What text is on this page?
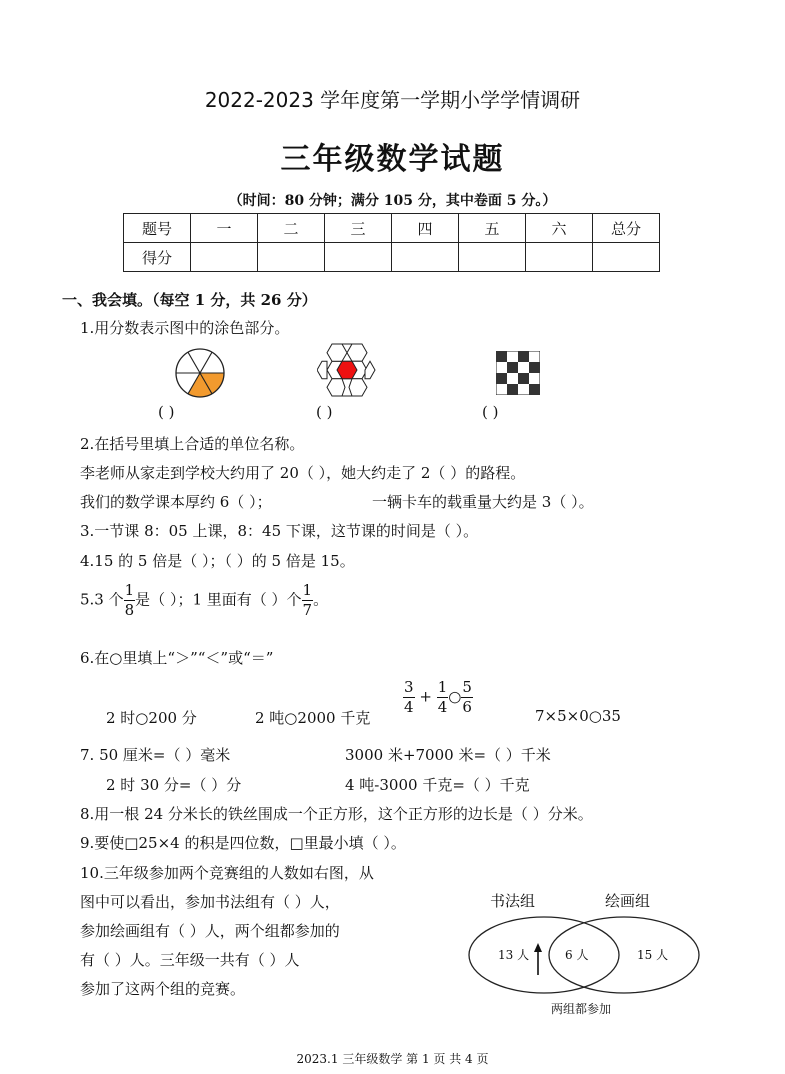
2022-2023 学年度第一学期小学学情调研
三年级数学试题
（时间：80 分钟；满分 105 分，其中卷面 5 分。）
题号	一	二	三	四	五	六	总分
得分							
一、我会填。（每空 1 分，共 26 分）
1.用分数表示图中的涂色部分。
( )	( )	( )
2.在括号里填上合适的单位名称。
李老师从家走到学校大约用了 20（ ），她大约走了 2（ ）的路程。
我们的数学课本厚约 6（ ）；	一辆卡车的载重量大约是 3（ ）。
3.一节课 8：05 上课，8：45 下课，这节课的时间是（ ）。
4.15 的 5 倍是（ ）；（ ）的 5 倍是 15。
5.3 个 $\frac{1}{8}$ 是（ ）；1 里面有（ ）个 $\frac{1}{7}$ 。
6.在○里填上“＞”“＜”或“＝”
2 时○200 分	2 吨○2000 千克
$\frac{3}{4} + \frac{1}{4}$ ○ $\frac{5}{6}$
7×5×0○35
7. 50 厘米=（ ）毫米	3000 米+7000 米=（ ）千米
2 时 30 分=（ ）分	4 吨-3000 千克=（ ）千克
8.用一根 24 分米长的铁丝围成一个正方形，这个正方形的边长是（ ）分米。
9.要使□25×4 的积是四位数，□里最小填（ ）。
10.三年级参加两个竞赛组的人数如右图，从
图中可以看出，参加书法组有（ ）人，
参加绘画组有（ ）人，两个组都参加的
有（ ）人。三年级一共有（ ）人
参加了这两个组的竞赛。
书法组	绘画组
13 人	6 人	15 人
两组都参加
2023.1 三年级数学 第 1 页 共 4 页
